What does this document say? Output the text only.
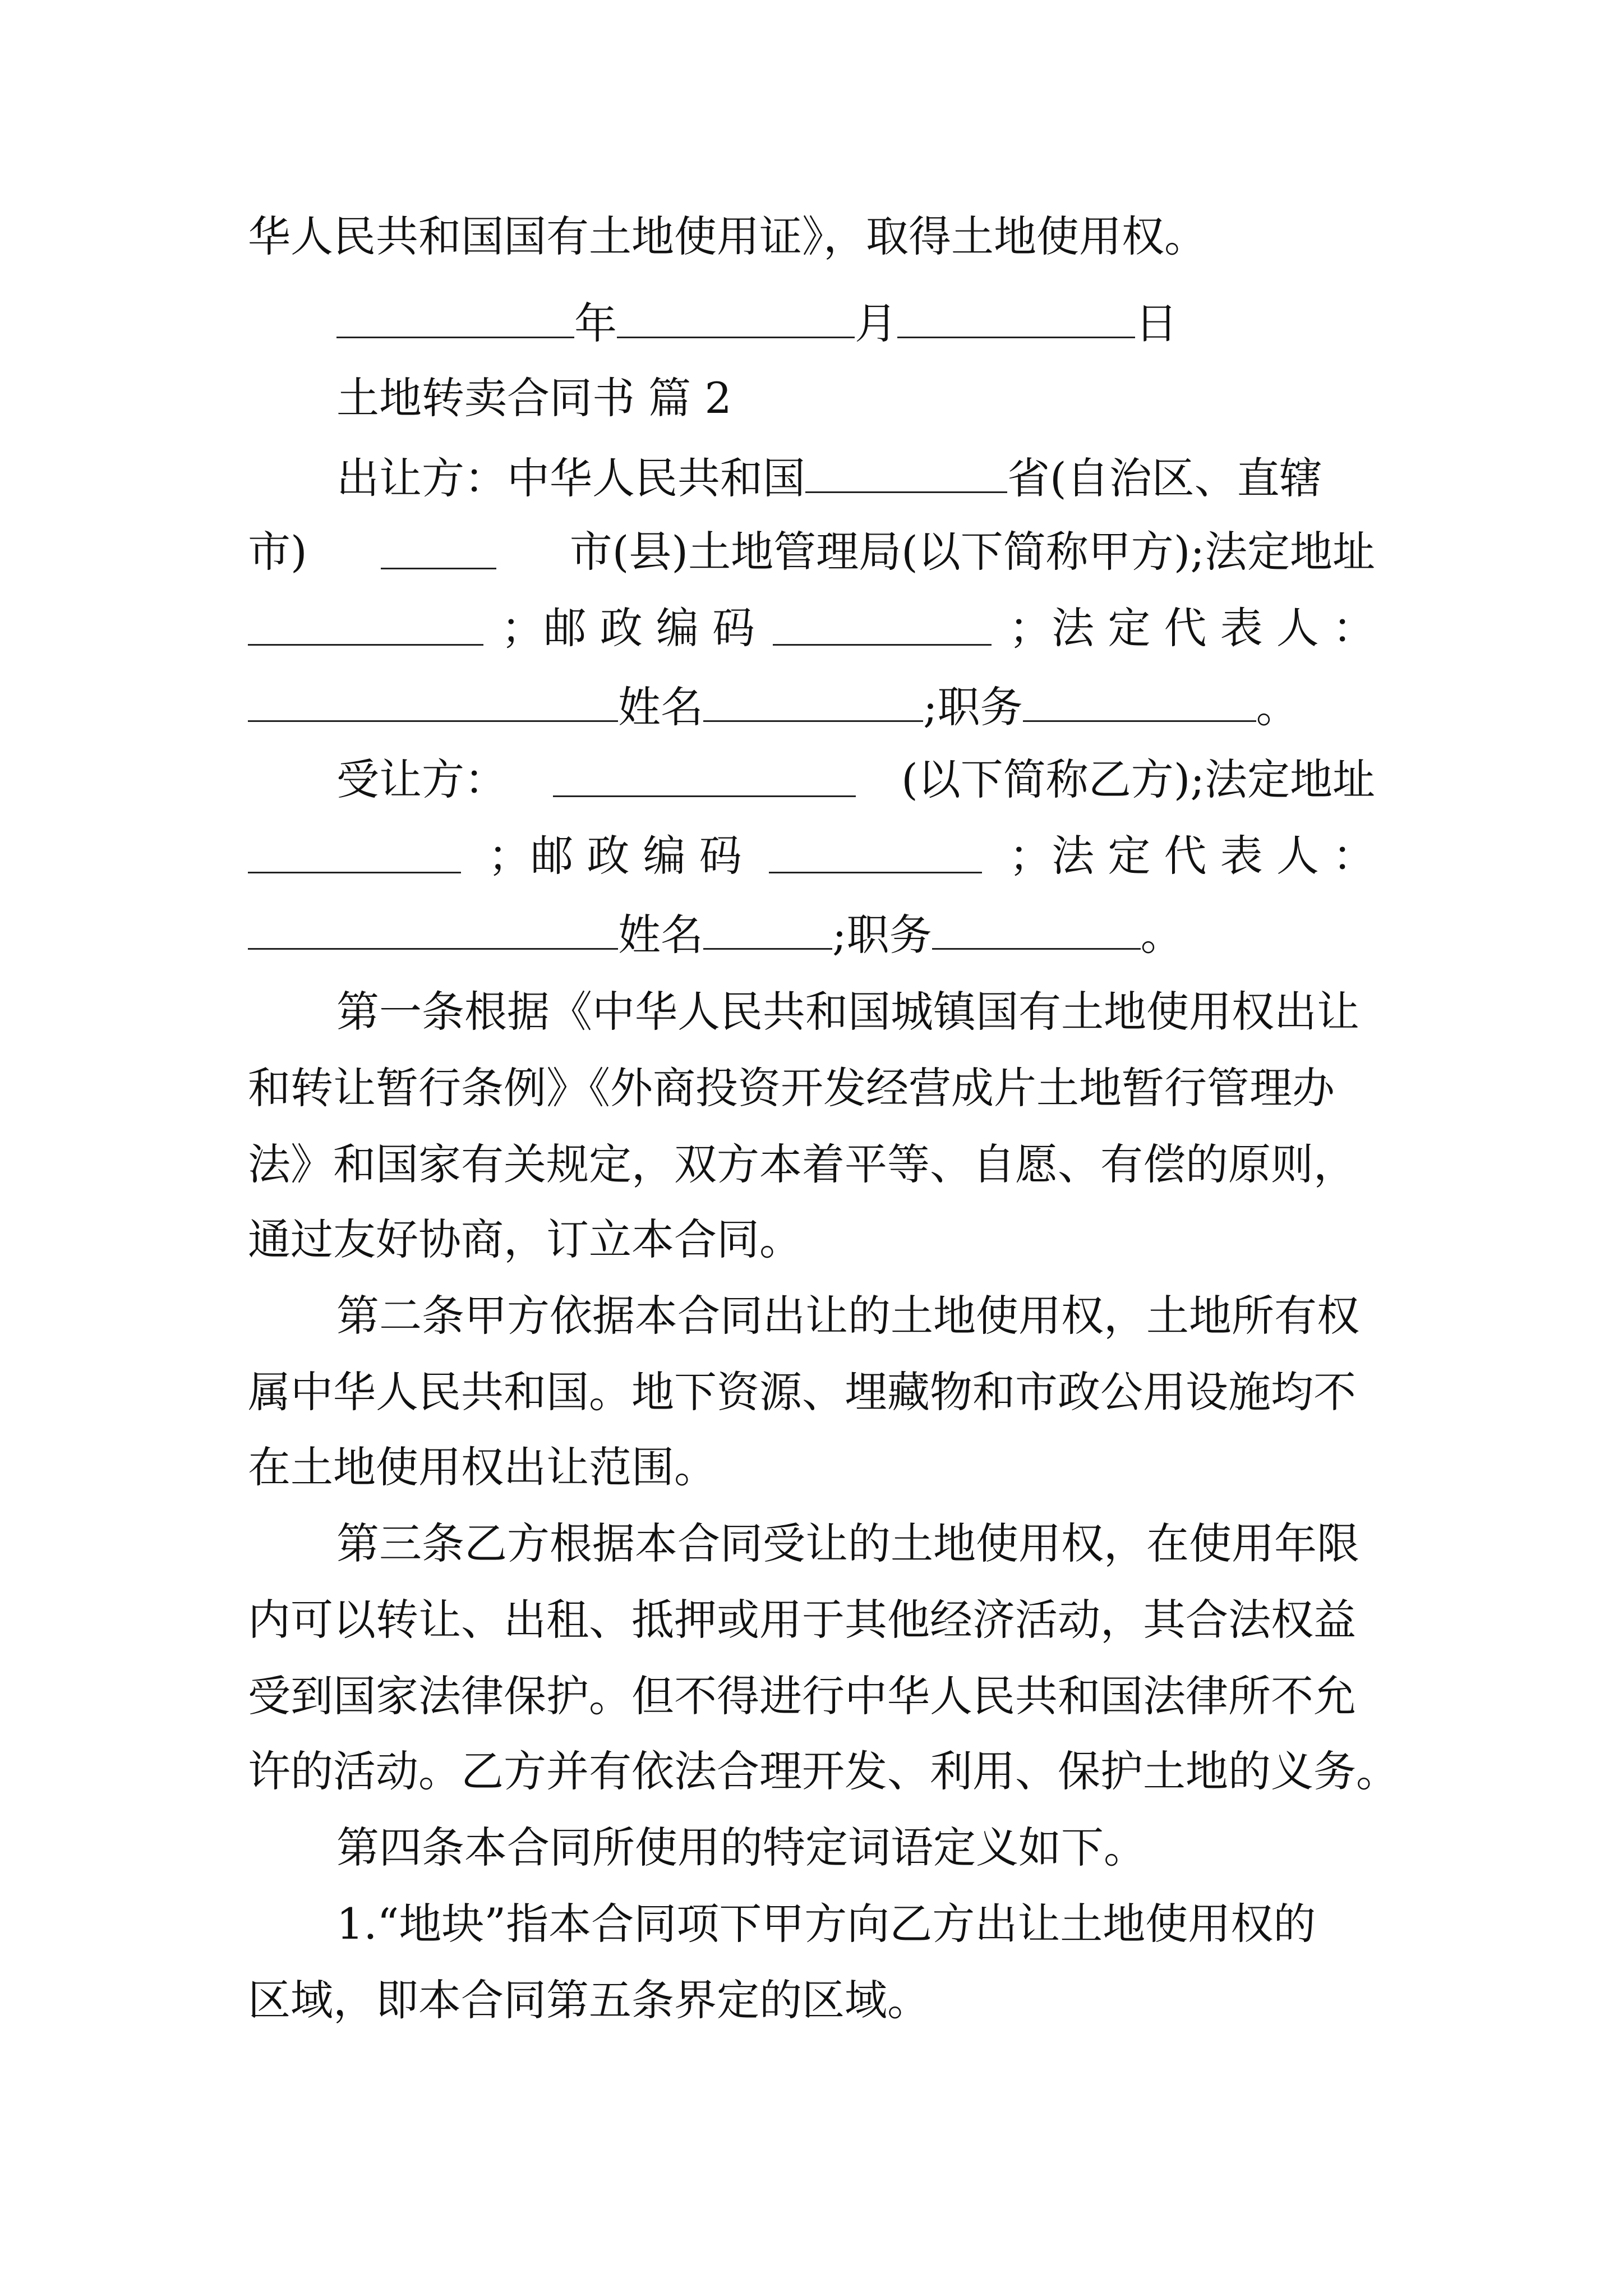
华人民共和国国有土地使用证》，取得土地使用权。
年	月	日
土地转卖合同书 篇 2
出让方：中华人民共和国	省(自治区、直辖
市)	市(县)土地管理局(以下简称甲方);法定地址
；邮 政 编 码	；法 定 代 表 人 ：
姓名	;职务	。
受让方：	(以下简称乙方);法定地址
；邮 政 编 码	；法 定 代 表 人 ：
姓名	;职务	。
第一条根据《中华人民共和国城镇国有土地使用权出让
和转让暂行条例》《外商投资开发经营成片土地暂行管理办
法》和国家有关规定，双方本着平等、自愿、有偿的原则，
通过友好协商，订立本合同。
第二条甲方依据本合同出让的土地使用权，土地所有权
属中华人民共和国。地下资源、埋藏物和市政公用设施均不
在土地使用权出让范围。
第三条乙方根据本合同受让的土地使用权，在使用年限
内可以转让、出租、抵押或用于其他经济活动，其合法权益
受到国家法律保护。但不得进行中华人民共和国法律所不允
许的活动。乙方并有依法合理开发、利用、保护土地的义务。
第四条本合同所使用的特定词语定义如下。
1.“地块”指本合同项下甲方向乙方出让土地使用权的
区域，即本合同第五条界定的区域。
